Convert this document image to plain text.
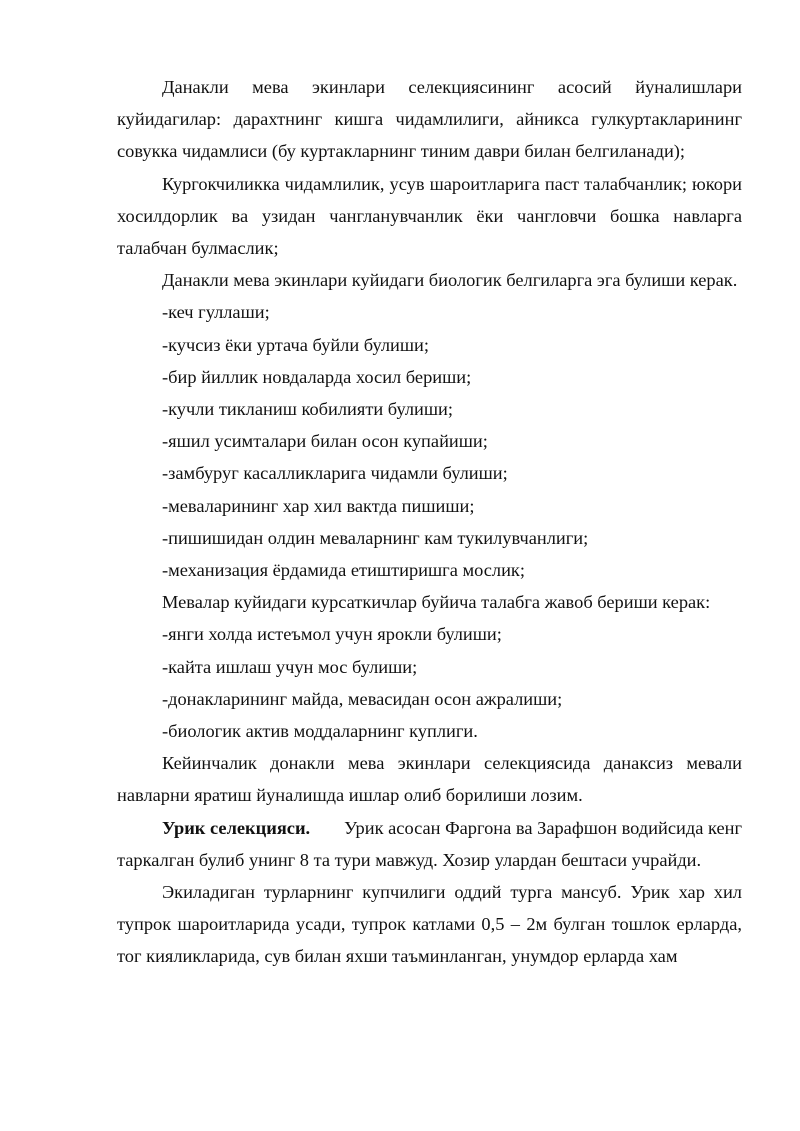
Данакли мева экинлари селекциясининг асосий йуналишлари куйидагилар: дарахтнинг кишга чидамлилиги, айникса гулкуртакларининг совукка чидамлиси (бу куртакларнинг тиним даври билан белгиланади);

Кургокчиликка чидамлилик, усув шароитларига паст талабчанлик; юкори хосилдорлик ва узидан чангланувчанлик ёки чангловчи бошка навларга талабчан булмаслик;

Данакли мева экинлари куйидаги биологик белгиларга эга булиши керак.

-кеч гуллаши;

-кучсиз ёки уртача буйли булиши;

-бир йиллик новдаларда хосил бериши;

-кучли тикланиш кобилияти булиши;

-яшил усимталари билан осон купайиши;

-замбуруг касалликларига чидамли булиши;

-меваларининг хар хил вактда пишиши;

-пишишидан олдин меваларнинг кам тукилувчанлиги;

-механизация ёрдамида етиштиришга мослик;

Мевалар куйидаги курсаткичлар буйича талабга жавоб бериши керак:

-янги холда истеъмол учун ярокли булиши;

-кайта ишлаш учун мос булиши;

-донакларининг майда, мевасидан осон ажралиши;

-биологик актив моддаларнинг куплиги.

Кейинчалик донакли мева экинлари селекциясида данаксиз мевали навларни яратиш йуналишда ишлар олиб борилиши лозим.

Урик селекцияси. Урик асосан Фаргона ва Зарафшон водийсида кенг таркалган булиб унинг 8 та тури мавжуд. Хозир улардан бештаси учрайди.

Экиладиган турларнинг купчилиги оддий турга мансуб. Урик хар хил тупрок шароитларида усади, тупрок катлами 0,5 – 2м булган тошлок ерларда, тог кияликларида, сув билан яхши таъминланган, унумдор ерларда хам
